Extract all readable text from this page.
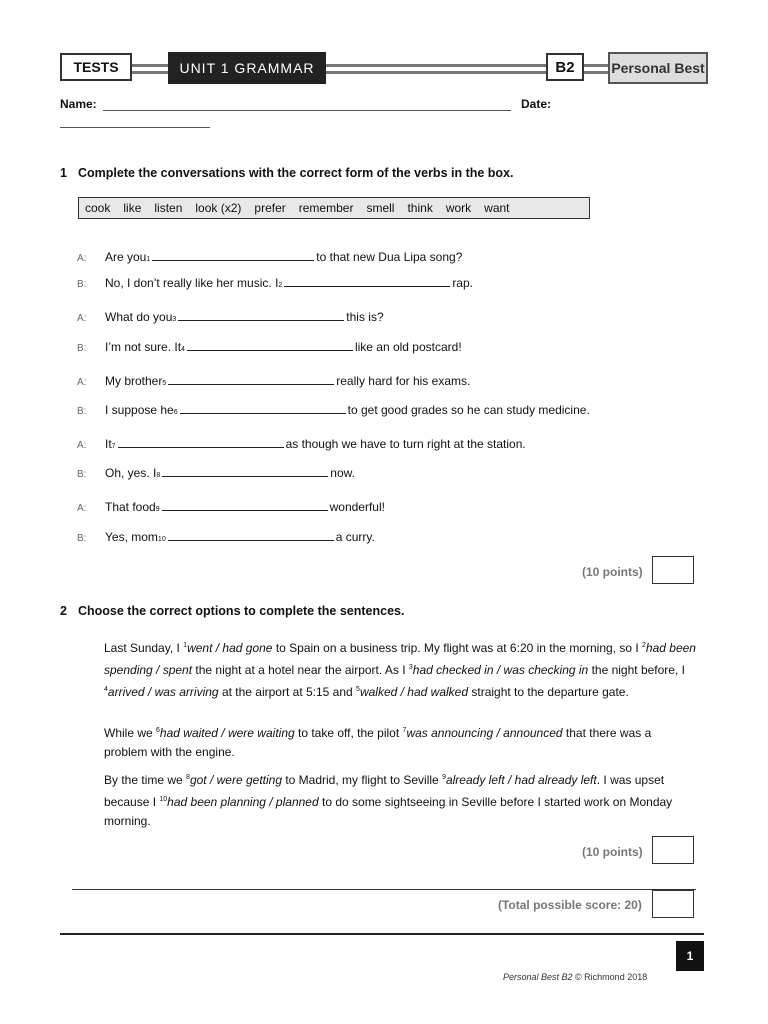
TESTS	UNIT 1 GRAMMAR	B2	Personal Best
Name:	Date:
1 Complete the conversations with the correct form of the verbs in the box.
cook like listen look (x2) prefer remember smell think work want
A:	Are you $_1$	to that new Dua Lipa song?
B:	No, I don’t really like her music. I $_2$	rap.
A:	What do you $_3$	this is?
B:	I’m not sure. It $_4$	like an old postcard!
A:	My brother $_5$	really hard for his exams.
B:	I suppose he $_6$	to get good grades so he can study medicine.
A:	It $_7$	as though we have to turn right at the station.
B:	Oh, yes. I $_8$	now.
A:	That food $_9$	wonderful!
B:	Yes, mom $_{10}$	a curry.
(10 points)
2 Choose the correct options to complete the sentences.
Last Sunday, I $^1$went / had gone to Spain on a business trip. My flight was at 6:20 in the morning, so I $^2$had been spending / spent the night at a hotel near the airport. As I $^3$had checked in / was checking in the night before, I $^4$arrived / was arriving at the airport at 5:15 and $^5$walked / had walked straight to the departure gate.
While we $^6$had waited / were waiting to take off, the pilot $^7$was announcing / announced that there was a problem with the engine.
By the time we $^8$got / were getting to Madrid, my flight to Seville $^9$already left / had already left. I was upset because I $^{10}$had been planning / planned to do some sightseeing in Seville before I started work on Monday morning.
(10 points)
(Total possible score: 20)
1
Personal Best B2 © Richmond 2018
